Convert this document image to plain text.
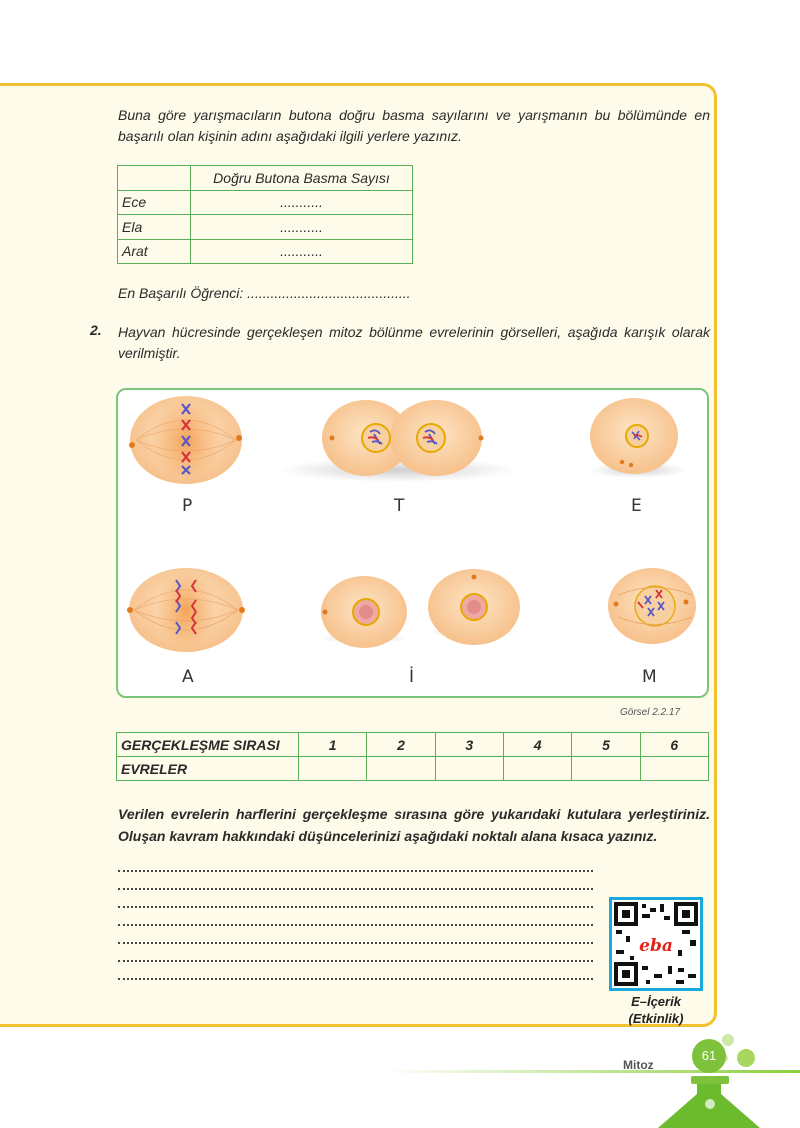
Buna göre yarışmacıların butona doğru basma sayılarını ve yarışmanın bu bölümünde en başarılı olan kişinin adını aşağıdaki ilgili yerlere yazınız.

	Doğru Butona Basma Sayısı
Ece	...........
Ela	...........
Arat	...........
En Başarılı Öğrenci: ..........................................
2. Hayvan hücresinde gerçekleşen mitoz bölünme evrelerinin görselleri, aşağıda karışık olarak verilmiştir.

P	T	E
A	İ	M
Görsel 2.2.17
GERÇEKLEŞME SIRASI	1	2	3	4	5	6
EVRELER						

Verilen evrelerin harflerini gerçekleşme sırasına göre yukarıdaki kutulara yerleştiriniz. Oluşan kavram hakkındaki düşüncelerinizi aşağıdaki noktalı alana kısaca yazınız.

eba
E–İçerik
(Etkinlik)
Mitoz
61
